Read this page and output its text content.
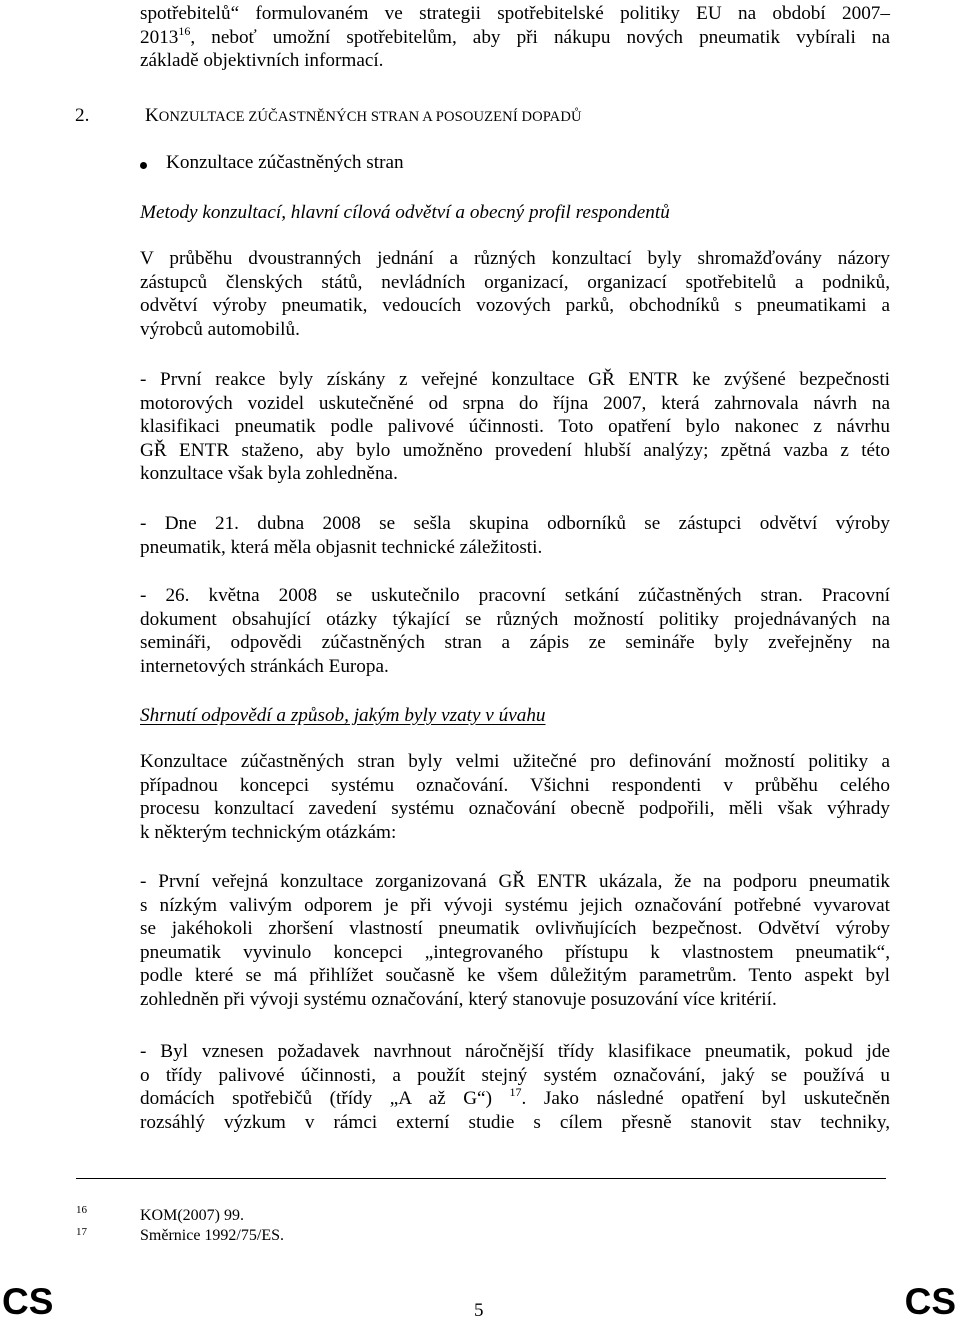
spotřebitelů“ formulovaném ve strategii spotřebitelské politiky EU na období 2007–
2013$^{16}$, neboť umožní spotřebitelům, aby při nákupu nových pneumatik vybírali na
základě objektivních informací.
2.	KONZULTACE ZÚČASTNĚNÝCH STRAN A POSOUZENÍ DOPADŮ
Konzultace zúčastněných stran
Metody konzultací, hlavní cílová odvětví a obecný profil respondentů
V průběhu dvoustranných jednání a různých konzultací byly shromažďovány názory
zástupců členských států, nevládních organizací, organizací spotřebitelů a podniků,
odvětví výroby pneumatik, vedoucích vozových parků, obchodníků s pneumatikami a
výrobců automobilů.
- První reakce byly získány z veřejné konzultace GŘ ENTR ke zvýšené bezpečnosti
motorových vozidel uskutečněné od srpna do října 2007, která zahrnovala návrh na
klasifikaci pneumatik podle palivové účinnosti. Toto opatření bylo nakonec z návrhu
GŘ ENTR staženo, aby bylo umožněno provedení hlubší analýzy; zpětná vazba z této
konzultace však byla zohledněna.
- Dne 21. dubna 2008 se sešla skupina odborníků se zástupci odvětví výroby
pneumatik, která měla objasnit technické záležitosti.
- 26. května 2008 se uskutečnilo pracovní setkání zúčastněných stran. Pracovní
dokument obsahující otázky týkající se různých možností politiky projednávaných na
semináři, odpovědi zúčastněných stran a zápis ze semináře byly zveřejněny na
internetových stránkách Europa.
Shrnutí odpovědí a způsob, jakým byly vzaty v úvahu
Konzultace zúčastněných stran byly velmi užitečné pro definování možností politiky a
případnou koncepci systému označování. Všichni respondenti v průběhu celého
procesu konzultací zavedení systému označování obecně podpořili, měli však výhrady
k některým technickým otázkám:
- První veřejná konzultace zorganizovaná GŘ ENTR ukázala, že na podporu pneumatik
s nízkým valivým odporem je při vývoji systému jejich označování potřebné vyvarovat
se jakéhokoli zhoršení vlastností pneumatik ovlivňujících bezpečnost. Odvětví výroby
pneumatik vyvinulo koncepci „integrovaného přístupu k vlastnostem pneumatik“,
podle které se má přihlížet současně ke všem důležitým parametrům. Tento aspekt byl
zohledněn při vývoji systému označování, který stanovuje posuzování více kritérií.
- Byl vznesen požadavek navrhnout náročnější třídy klasifikace pneumatik, pokud jde
o třídy palivové účinnosti, a použít stejný systém označování, jaký se používá u
domácích spotřebičů (třídy „A až G“) $^{17}$. Jako následné opatření byl uskutečněn
rozsáhlý výzkum v rámci externí studie s cílem přesně stanovit stav techniky,
16	KOM(2007) 99.
17	Směrnice 1992/75/ES.
CS	5	CS
